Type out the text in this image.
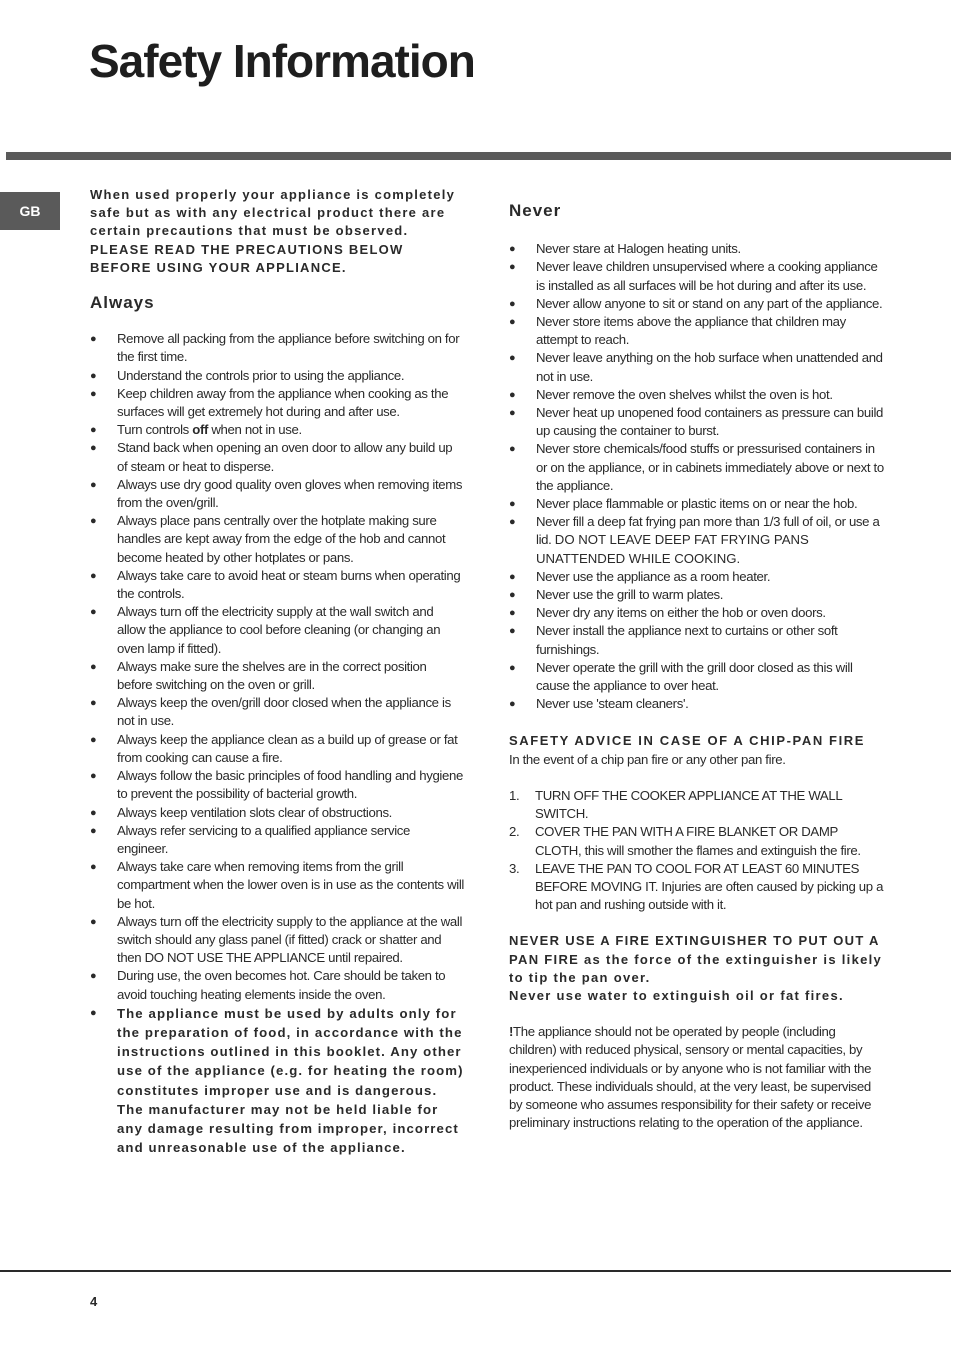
Safety Information
GB

When used properly your appliance is completely safe but as with any electrical product there are certain precautions that must be observed. PLEASE READ THE PRECAUTIONS BELOW BEFORE USING YOUR APPLIANCE.

Always
● Remove all packing from the appliance before switching on for the first time.
● Understand the controls prior to using the appliance.
● Keep children away from the appliance when cooking as the surfaces will get extremely hot during and after use.
● Turn controls off when not in use.
● Stand back when opening an oven door to allow any build up of steam or heat to disperse.
● Always use dry good quality oven gloves when removing items from the oven/grill.
● Always place pans centrally over the hotplate making sure handles are kept away from the edge of the hob and cannot become heated by other hotplates or pans.
● Always take care to avoid heat or steam burns when operating the controls.
● Always turn off the electricity supply at the wall switch and allow the appliance to cool before cleaning (or changing an oven lamp if fitted).
● Always make sure the shelves are in the correct position before switching on the oven or grill.
● Always keep the oven/grill door closed when the appliance is not in use.
● Always keep the appliance clean as a build up of grease or fat from cooking can cause a fire.
● Always follow the basic principles of food handling and hygiene to prevent the possibility of bacterial growth.
● Always keep ventilation slots clear of obstructions.
● Always refer servicing to a qualified appliance service engineer.
● Always take care when removing items from the grill compartment when the lower oven is in use as the contents will be hot.
● Always turn off the electricity supply to the appliance at the wall switch should any glass panel (if fitted) crack or shatter and then DO NOT USE THE APPLIANCE until repaired.
● During use, the oven becomes hot. Care should be taken to avoid touching heating elements inside the oven.
● The appliance must be used by adults only for the preparation of food, in accordance with the instructions outlined in this booklet. Any other use of the appliance (e.g. for heating the room) constitutes improper use and is dangerous. The manufacturer may not be held liable for any damage resulting from improper, incorrect and unreasonable use of the appliance.
Never
● Never stare at Halogen heating units.
● Never leave children unsupervised where a cooking appliance is installed as all surfaces will be hot during and after its use.
● Never allow anyone to sit or stand on any part of the appliance.
● Never store items above the appliance that children may attempt to reach.
● Never leave anything on the hob surface when unattended and not in use.
● Never remove the oven shelves whilst the oven is hot.
● Never heat up unopened food containers as pressure can build up causing the container to burst.
● Never store chemicals/food stuffs or pressurised containers in or on the appliance, or in cabinets immediately above or next to the appliance.
● Never place flammable or plastic items on or near the hob.
● Never fill a deep fat frying pan more than 1/3 full of oil, or use a lid. DO NOT LEAVE DEEP FAT FRYING PANS UNATTENDED WHILE COOKING.
● Never use the appliance as a room heater.
● Never use the grill to warm plates.
● Never dry any items on either the hob or oven doors.
● Never install the appliance next to curtains or other soft furnishings.
● Never operate the grill with the grill door closed as this will cause the appliance to over heat.
● Never use 'steam cleaners'.

SAFETY ADVICE IN CASE OF A CHIP-PAN FIRE

In the event of a chip pan fire or any other pan fire.

1. TURN OFF THE COOKER APPLIANCE AT THE WALL SWITCH.
2. COVER THE PAN WITH A FIRE BLANKET OR DAMP CLOTH, this will smother the flames and extinguish the fire.
3. LEAVE THE PAN TO COOL FOR AT LEAST 60 MINUTES BEFORE MOVING IT. Injuries are often caused by picking up a hot pan and rushing outside with it.

NEVER USE A FIRE EXTINGUISHER TO PUT OUT A PAN FIRE as the force of the extinguisher is likely to tip the pan over.

Never use water to extinguish oil or fat fires.

!The appliance should not be operated by people (including children) with reduced physical, sensory or mental capacities, by inexperienced individuals or by anyone who is not familiar with the product. These individuals should, at the very least, be supervised by someone who assumes responsibility for their safety or receive preliminary instructions relating to the operation of the appliance.

4
